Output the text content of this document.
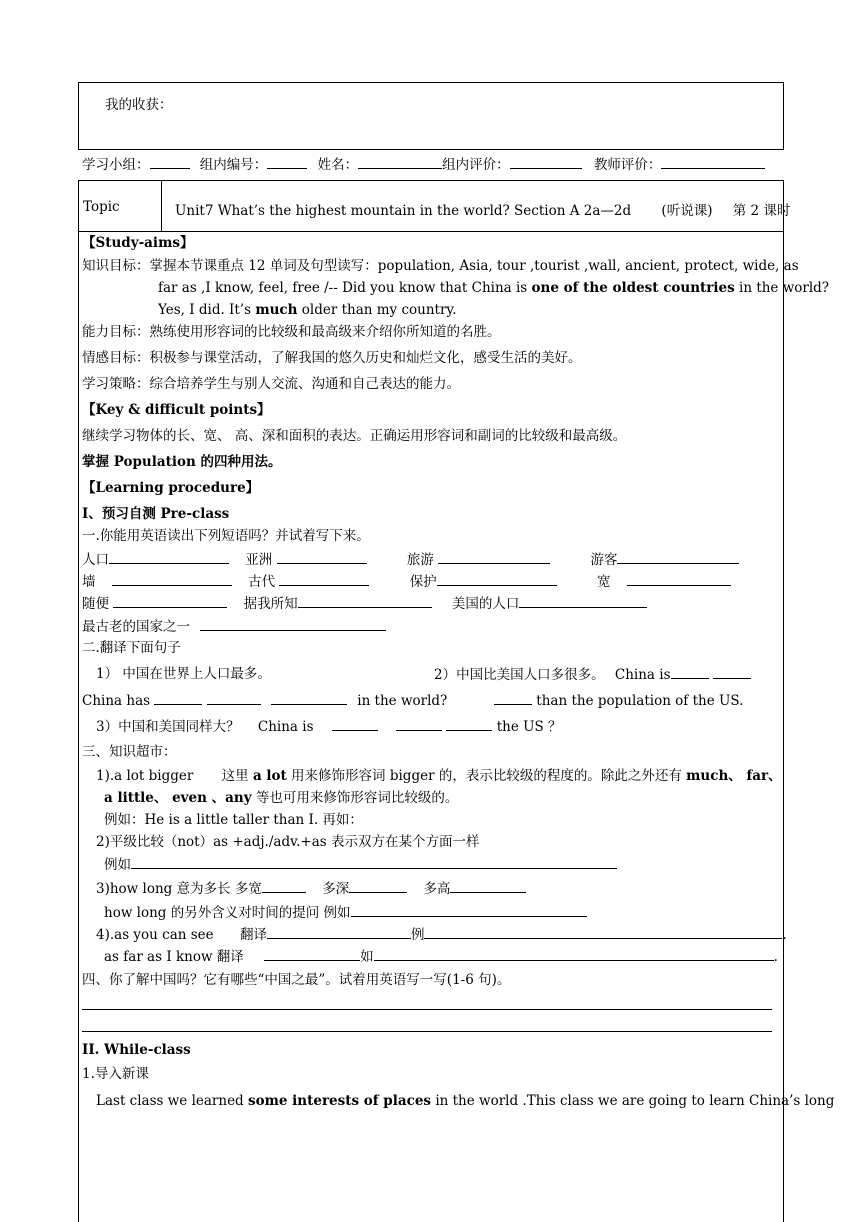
我的收获：
学习小组：	组内编号：	姓名：	组内评价：	教师评价：
Topic	Unit7 What’s the highest mountain in the world? Section A 2a—2d (听说课) 第 2 课时
【Study-aims】
知识目标：掌握本节课重点 12 单词及句型读写：population, Asia, tour ,tourist ,wall, ancient, protect, wide, as
far as ,I know, feel, free /-- Did you know that China is one of the oldest countries in the world?
Yes, I did. It’s much older than my country.
能力目标：熟练使用形容词的比较级和最高级来介绍你所知道的名胜。
情感目标：积极参与课堂活动，了解我国的悠久历史和灿烂文化，感受生活的美好。
学习策略：综合培养学生与别人交流、沟通和自己表达的能力。
【Key & difficult points】
继续学习物体的长、宽、 高、深和面积的表达。正确运用形容词和副词的比较级和最高级。
掌握 Population 的四种用法。
【Learning procedure】
I、预习自测 Pre-class
一.你能用英语读出下列短语吗？并试着写下来。
人口	亚洲	旅游	游客
墙	古代	保护	宽
随便	据我所知	美国的人口
最古老的国家之一
二.翻译下面句子
1） 中国在世界上人口最多。	2）中国比美国人口多很多。 China is
China has	in the world?	than the population of the US.
3）中国和美国同样大？ China is	the US ？
三、知识超市：
1).a lot bigger 这里 a lot 用来修饰形容词 bigger 的，表示比较级的程度的。除此之外还有 much、 far、
a little、 even 、any 等也可用来修饰形容词比较级的。
例如：He is a little taller than I. 再如：
2)平级比较（not）as +adj./adv.+as 表示双方在某个方面一样
例如
3)how long 意为多长 多宽	多深	多高
how long 的另外含义对时间的提问 例如
4).as you can see 翻译	例	.
as far as I know 翻译	如	.
四、你了解中国吗？它有哪些“中国之最”。试着用英语写一写(1-6 句)。
II. While-class
1.导入新课
Last class we learned some interests of places in the world .This class we are going to learn China’s long
